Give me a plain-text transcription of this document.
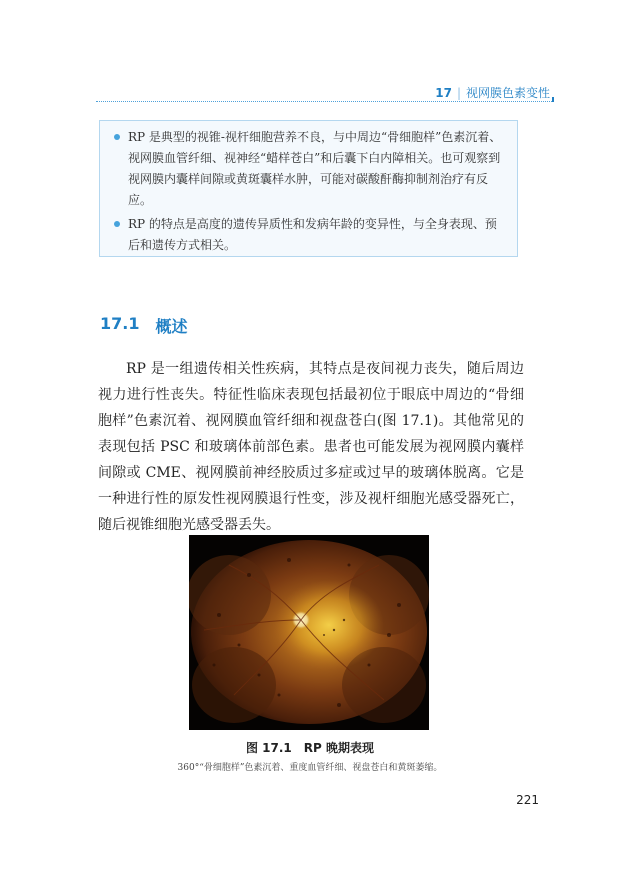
17 | 视网膜色素变性
RP 是典型的视锥-视杆细胞营养不良，与中周边“骨细胞样”色素沉着、视网膜血管纤细、视神经“蜡样苍白”和后囊下白内障相关。也可观察到视网膜内囊样间隙或黄斑囊样水肿，可能对碳酸酐酶抑制剂治疗有反应。
RP 的特点是高度的遗传异质性和发病年龄的变异性，与全身表现、预后和遗传方式相关。
17.1 概述

RP 是一组遗传相关性疾病，其特点是夜间视力丧失，随后周边视力进行性丧失。特征性临床表现包括最初位于眼底中周边的“骨细胞样”色素沉着、视网膜血管纤细和视盘苍白(图 17.1)。其他常见的表现包括 PSC 和玻璃体前部色素。患者也可能发展为视网膜内囊样间隙或 CME、视网膜前神经胶质过多症或过早的玻璃体脱离。它是一种进行性的原发性视网膜退行性变，涉及视杆细胞光感受器死亡，随后视锥细胞光感受器丢失。

图 17.1 RP 晚期表现
360°“骨细胞样”色素沉着、重度血管纤细、视盘苍白和黄斑萎缩。
221
